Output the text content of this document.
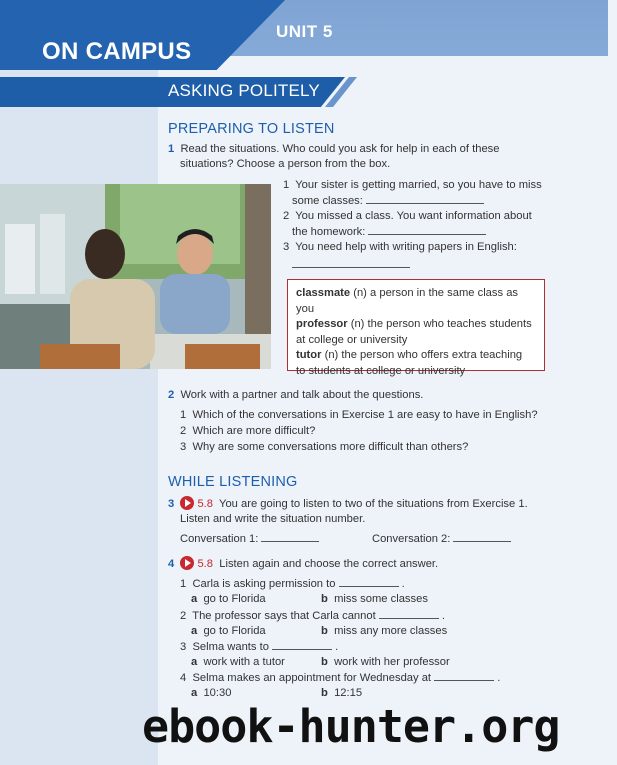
UNIT 5
ON CAMPUS
ASKING POLITELY
PREPARING TO LISTEN
1 Read the situations. Who could you ask for help in each of these
situations? Choose a person from the box.
1 Your sister is getting married, so you have to miss
some classes:
2 You missed a class. You want information about
the homework:
3 You need help with writing papers in English:
classmate (n) a person in the same class as you
professor (n) the person who teaches students
at college or university
tutor (n) the person who offers extra teaching
to students at college or university
2 Work with a partner and talk about the questions.
1 Which of the conversations in Exercise 1 are easy to have in English?
2 Which are more difficult?
3 Why are some conversations more difficult than others?
WHILE LISTENING
3 5.8 You are going to listen to two of the situations from Exercise 1.
Listen and write the situation number.
Conversation 1:	Conversation 2:
4 5.8 Listen again and choose the correct answer.
1 Carla is asking permission to	.
a go to Florida	b miss some classes
2 The professor says that Carla cannot	.
a go to Florida	b miss any more classes
3 Selma wants to	.
a work with a tutor	b work with her professor
4 Selma makes an appointment for Wednesday at	.
a 10:30	b 12:15
ebook-hunter.org
